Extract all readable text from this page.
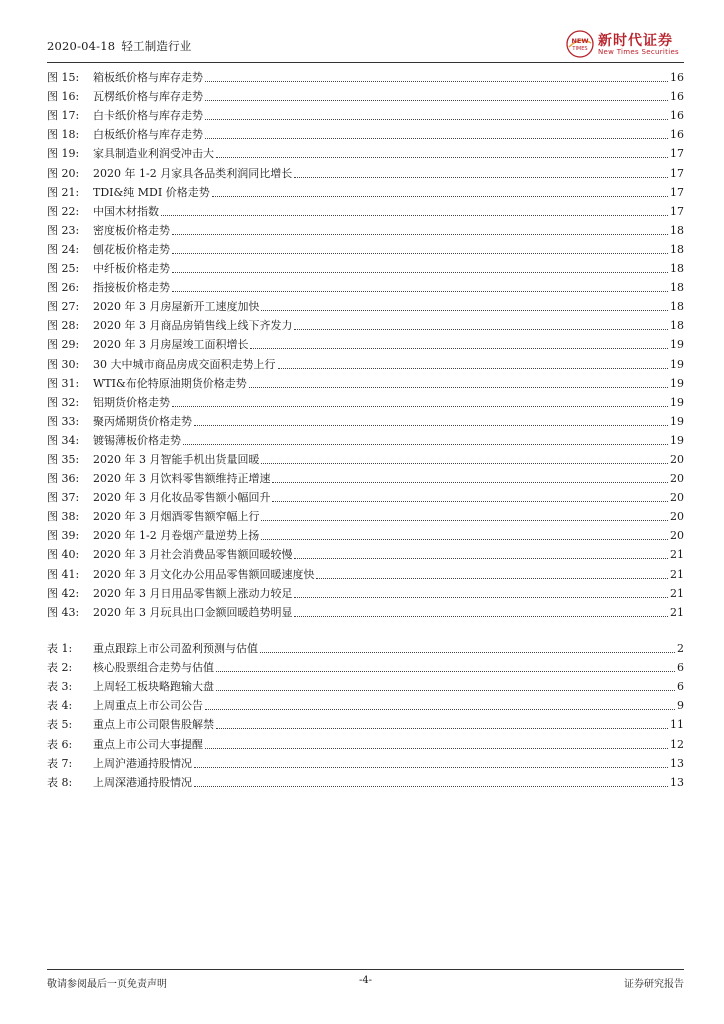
2020-04-18 轻工制造行业	NEW
TIMES 新时代证券
New Times Securities
图 15:	箱板纸价格与库存走势	16
图 16:	瓦楞纸价格与库存走势	16
图 17:	白卡纸价格与库存走势	16
图 18:	白板纸价格与库存走势	16
图 19:	家具制造业利润受冲击大	17
图 20:	2020 年 1-2 月家具各品类利润同比增长	17
图 21:	TDI&纯 MDI 价格走势	17
图 22:	中国木材指数	17
图 23:	密度板价格走势	18
图 24:	刨花板价格走势	18
图 25:	中纤板价格走势	18
图 26:	指接板价格走势	18
图 27:	2020 年 3 月房屋新开工速度加快	18
图 28:	2020 年 3 月商品房销售线上线下齐发力	18
图 29:	2020 年 3 月房屋竣工面积增长	19
图 30:	30 大中城市商品房成交面积走势上行	19
图 31:	WTI&布伦特原油期货价格走势	19
图 32:	铝期货价格走势	19
图 33:	聚丙烯期货价格走势	19
图 34:	镀锡薄板价格走势	19
图 35:	2020 年 3 月智能手机出货量回暖	20
图 36:	2020 年 3 月饮料零售额维持正增速	20
图 37:	2020 年 3 月化妆品零售额小幅回升	20
图 38:	2020 年 3 月烟酒零售额窄幅上行	20
图 39:	2020 年 1-2 月卷烟产量逆势上扬	20
图 40:	2020 年 3 月社会消费品零售额回暖较慢	21
图 41:	2020 年 3 月文化办公用品零售额回暖速度快	21
图 42:	2020 年 3 月日用品零售额上涨动力较足	21
图 43:	2020 年 3 月玩具出口金额回暖趋势明显	21
表 1:	重点跟踪上市公司盈利预测与估值	2
表 2:	核心股票组合走势与估值	6
表 3:	上周轻工板块略跑输大盘	6
表 4:	上周重点上市公司公告	9
表 5:	重点上市公司限售股解禁	11
表 6:	重点上市公司大事提醒	12
表 7:	上周沪港通持股情况	13
表 8:	上周深港通持股情况	13
敬请参阅最后一页免责声明	-4-	证券研究报告
